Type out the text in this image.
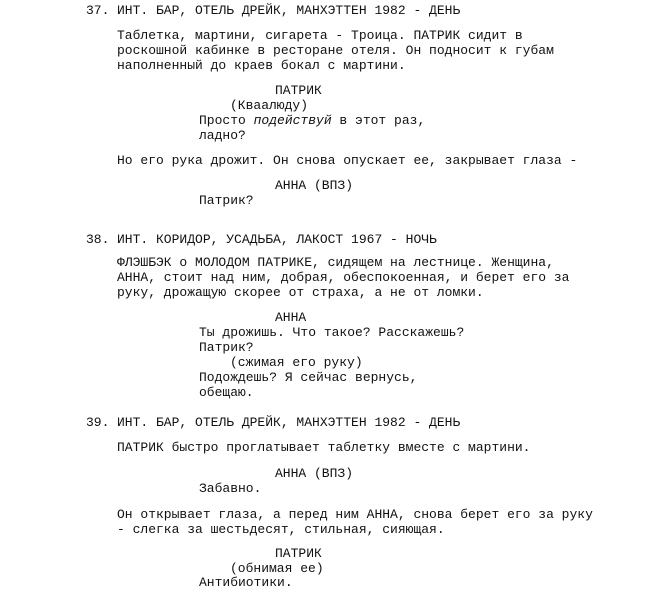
37. ИНТ. БАР, ОТЕЛЬ ДРЕЙК, МАНХЭТТЕН 1982 - ДЕНЬ
Таблетка, мартини, сигарета - Троица. ПАТРИК сидит в
роскошной кабинке в ресторане отеля. Он подносит к губам
наполненный до краев бокал с мартини.
ПАТРИК
(Квaaлюду)
Просто подействуй в этот раз,
ладно?
Но его рука дрожит. Он снова опускает ее, закрывает глаза -
АННА (ВПЗ)
Патрик?
38. ИНТ. КОРИДОР, УСАДЬБА, ЛАКОСТ 1967 - НОЧЬ
ФЛЭШБЭК о МОЛОДОМ ПАТРИКЕ, сидящем на лестнице. Женщина,
АННА, стоит над ним, добрая, обеспокоенная, и берет его за
руку, дрожащую скорее от страха, а не от ломки.
АННА
Ты дрожишь. Что такое? Расскажешь?
Патрик?
(сжимая его руку)
Подождешь? Я сейчас вернусь,
обещаю.
39. ИНТ. БАР, ОТЕЛЬ ДРЕЙК, МАНХЭТТЕН 1982 - ДЕНЬ
ПАТРИК быстро проглатывает таблетку вместе с мартини.
АННА (ВПЗ)
Забавно.
Он открывает глаза, а перед ним АННА, снова берет его за руку
- слегка за шестьдесят, стильная, сияющая.
ПАТРИК
(обнимая ее)
Антибиотики.
